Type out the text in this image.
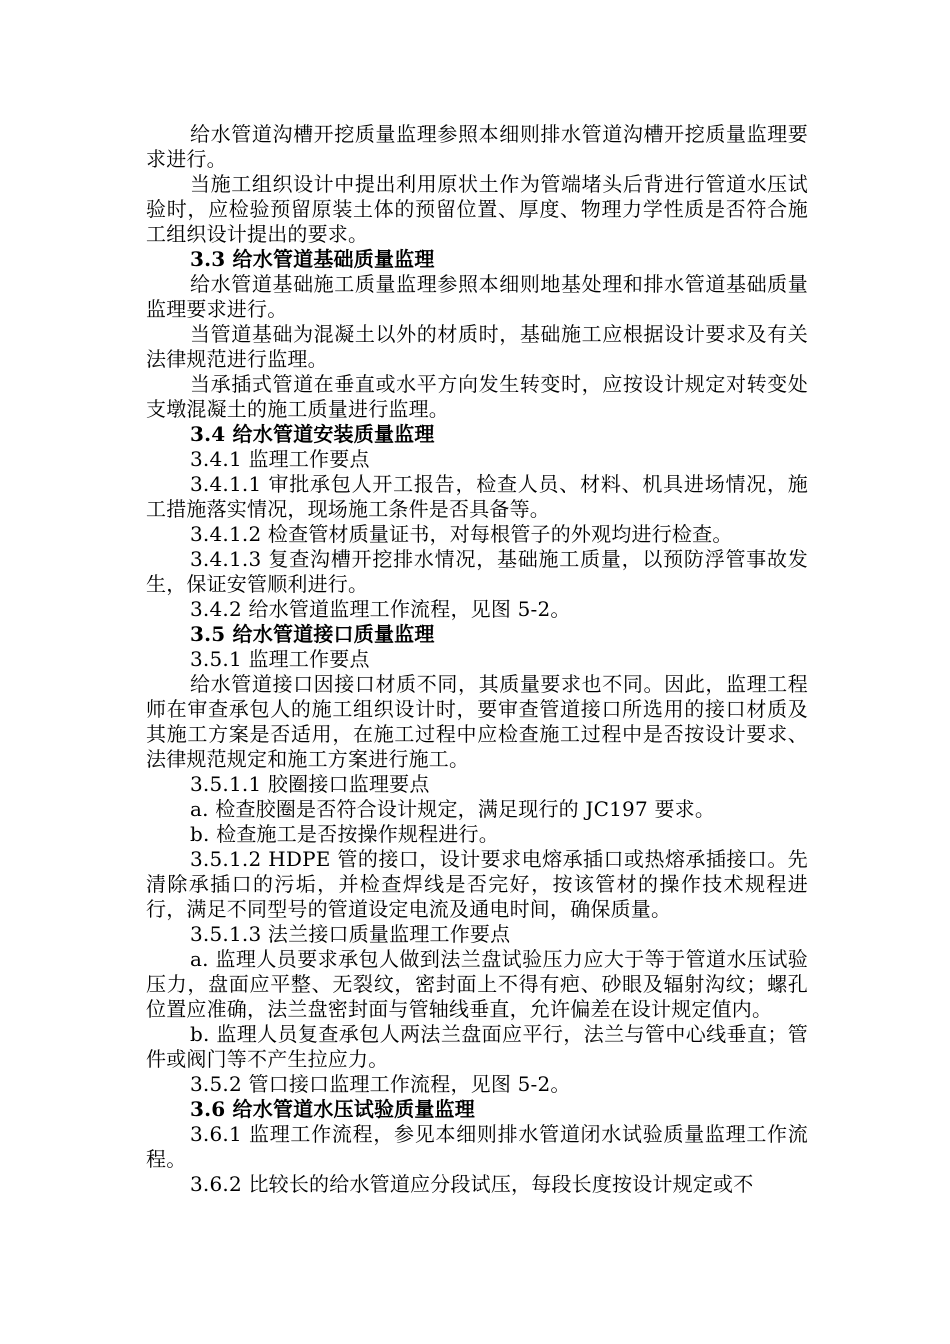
给水管道沟槽开挖质量监理参照本细则排水管道沟槽开挖质量监理要求进行。

当施工组织设计中提出利用原状土作为管端堵头后背进行管道水压试验时，应检验预留原装土体的预留位置、厚度、物理力学性质是否符合施工组织设计提出的要求。

3.3 给水管道基础质量监理

给水管道基础施工质量监理参照本细则地基处理和排水管道基础质量监理要求进行。

当管道基础为混凝土以外的材质时，基础施工应根据设计要求及有关法律规范进行监理。

当承插式管道在垂直或水平方向发生转变时，应按设计规定对转变处支墩混凝土的施工质量进行监理。

3.4 给水管道安装质量监理

3.4.1 监理工作要点

3.4.1.1 审批承包人开工报告，检查人员、材料、机具进场情况，施工措施落实情况，现场施工条件是否具备等。

3.4.1.2 检查管材质量证书，对每根管子的外观均进行检查。

3.4.1.3 复查沟槽开挖排水情况，基础施工质量，以预防浮管事故发生，保证安管顺利进行。

3.4.2 给水管道监理工作流程，见图 5-2。

3.5 给水管道接口质量监理

3.5.1 监理工作要点

给水管道接口因接口材质不同，其质量要求也不同。因此，监理工程师在审查承包人的施工组织设计时，要审查管道接口所选用的接口材质及其施工方案是否适用，在施工过程中应检查施工过程中是否按设计要求、法律规范规定和施工方案进行施工。

3.5.1.1 胶圈接口监理要点

a. 检查胶圈是否符合设计规定，满足现行的 JC197 要求。

b. 检查施工是否按操作规程进行。

3.5.1.2 HDPE 管的接口，设计要求电熔承插口或热熔承插接口。先清除承插口的污垢，并检查焊线是否完好，按该管材的操作技术规程进行，满足不同型号的管道设定电流及通电时间，确保质量。

3.5.1.3 法兰接口质量监理工作要点

a. 监理人员要求承包人做到法兰盘试验压力应大于等于管道水压试验压力，盘面应平整、无裂纹，密封面上不得有疤、砂眼及辐射沟纹；螺孔位置应准确，法兰盘密封面与管轴线垂直，允许偏差在设计规定值内。

b. 监理人员复查承包人两法兰盘面应平行，法兰与管中心线垂直；管件或阀门等不产生拉应力。

3.5.2 管口接口监理工作流程，见图 5-2。

3.6 给水管道水压试验质量监理

3.6.1 监理工作流程，参见本细则排水管道闭水试验质量监理工作流程。

3.6.2 比较长的给水管道应分段试压，每段长度按设计规定或不
